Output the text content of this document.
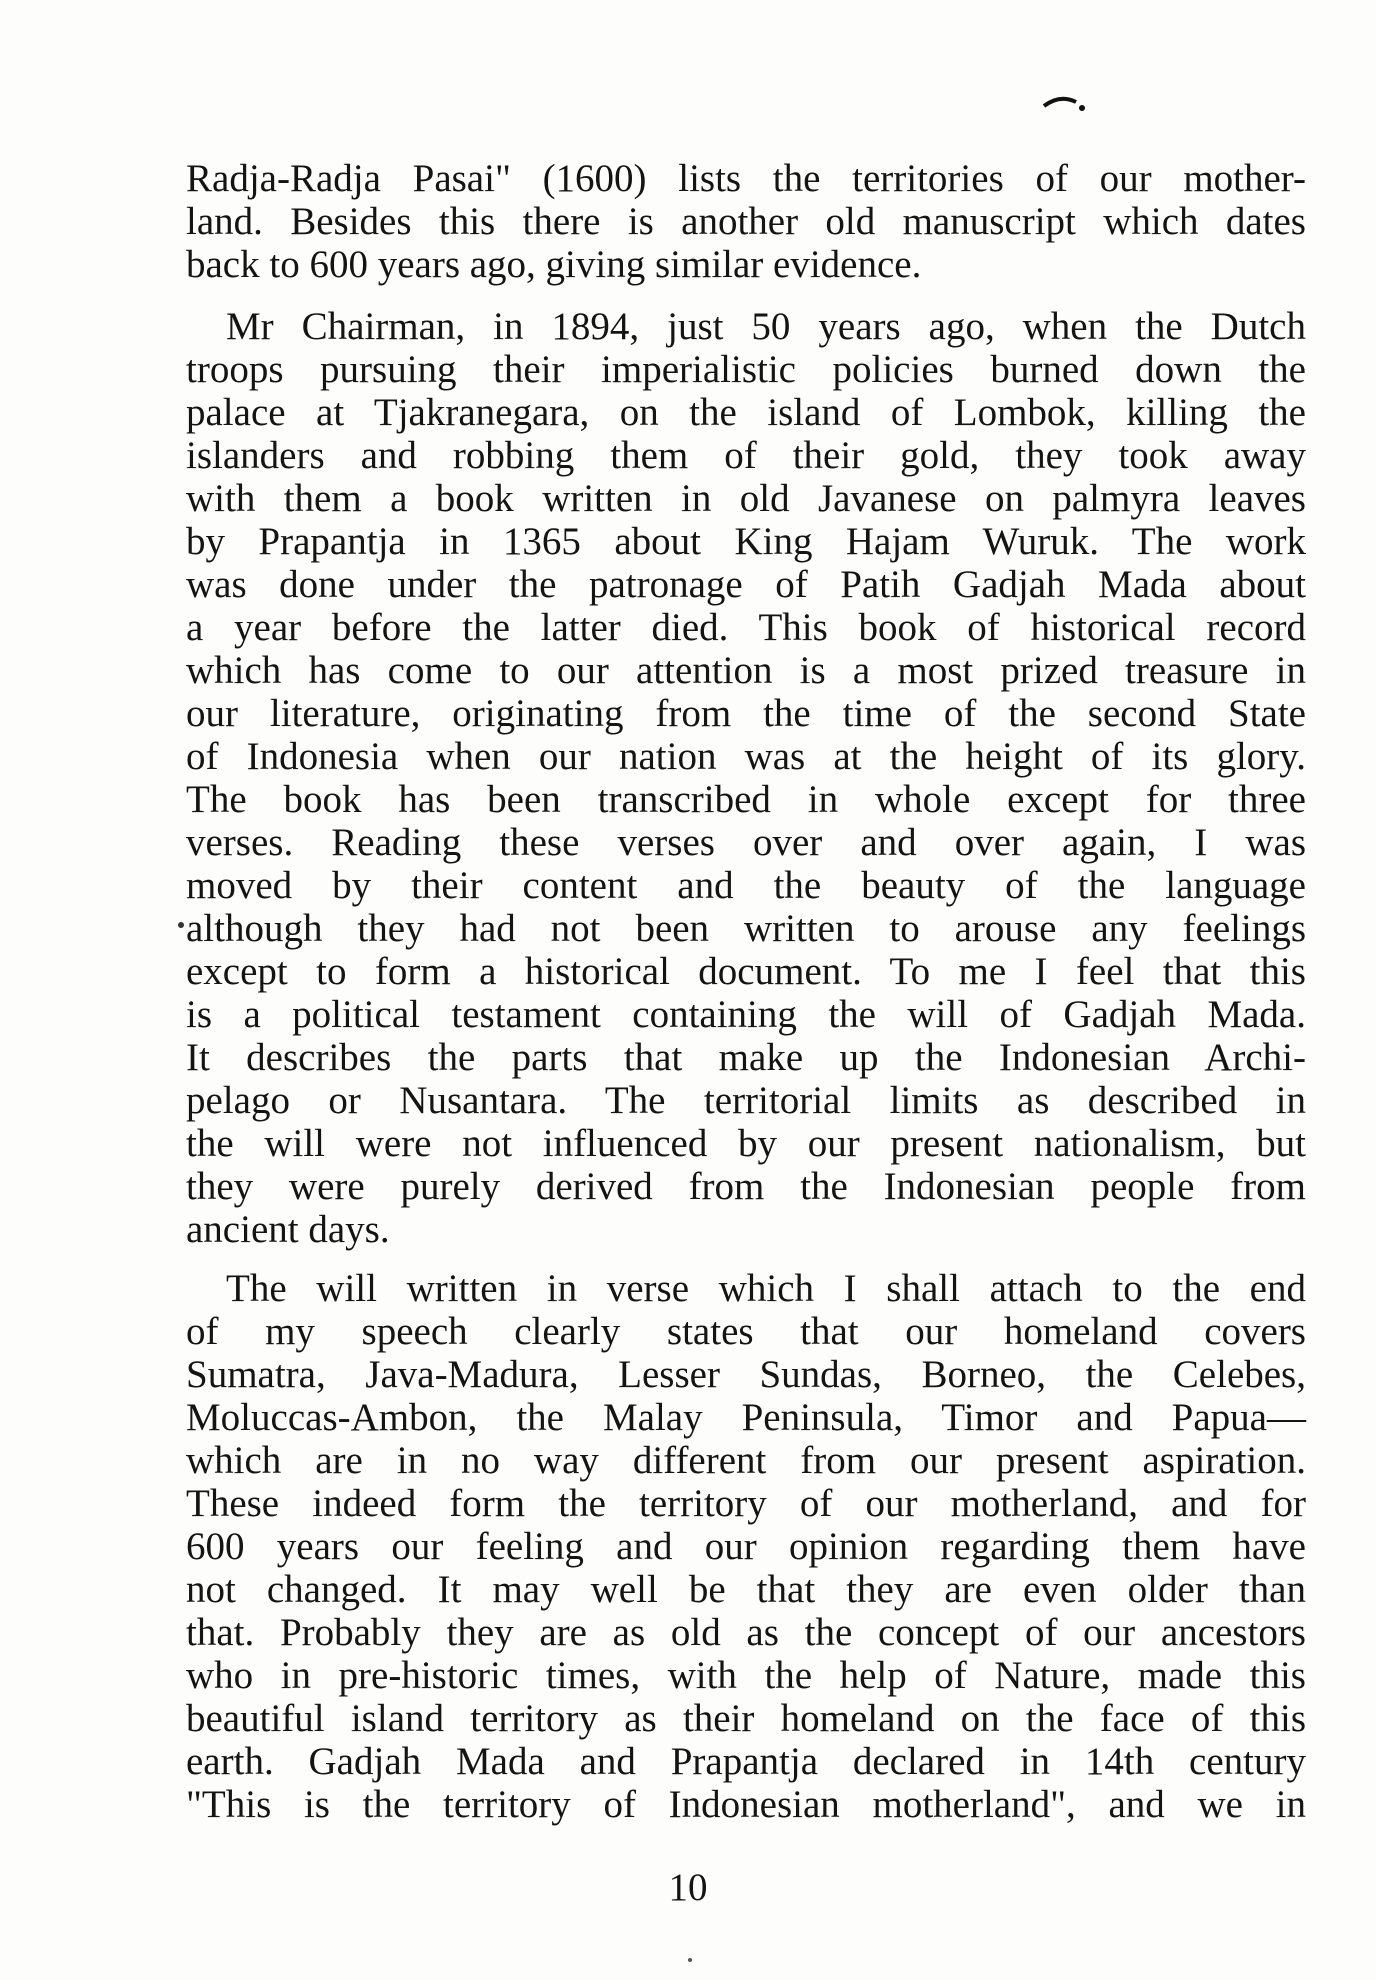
Radja-Radja Pasai" (1600) lists the territories of our mother-
land. Besides this there is another old manuscript which dates
back to 600 years ago, giving similar evidence.
Mr Chairman, in 1894, just 50 years ago, when the Dutch
troops pursuing their imperialistic policies burned down the
palace at Tjakranegara, on the island of Lombok, killing the
islanders and robbing them of their gold, they took away
with them a book written in old Javanese on palmyra leaves
by Prapantja in 1365 about King Hajam Wuruk. The work
was done under the patronage of Patih Gadjah Mada about
a year before the latter died. This book of historical record
which has come to our attention is a most prized treasure in
our literature, originating from the time of the second State
of Indonesia when our nation was at the height of its glory.
The book has been transcribed in whole except for three
verses. Reading these verses over and over again, I was
moved by their content and the beauty of the language
although they had not been written to arouse any feelings
except to form a historical document. To me I feel that this
is a political testament containing the will of Gadjah Mada.
It describes the parts that make up the Indonesian Archi-
pelago or Nusantara. The territorial limits as described in
the will were not influenced by our present nationalism, but
they were purely derived from the Indonesian people from
ancient days.
The will written in verse which I shall attach to the end
of my speech clearly states that our homeland covers
Sumatra, Java-Madura, Lesser Sundas, Borneo, the Celebes,
Moluccas-Ambon, the Malay Peninsula, Timor and Papua—
which are in no way different from our present aspiration.
These indeed form the territory of our motherland, and for
600 years our feeling and our opinion regarding them have
not changed. It may well be that they are even older than
that. Probably they are as old as the concept of our ancestors
who in pre-historic times, with the help of Nature, made this
beautiful island territory as their homeland on the face of this
earth. Gadjah Mada and Prapantja declared in 14th century
"This is the territory of Indonesian motherland", and we in
10
